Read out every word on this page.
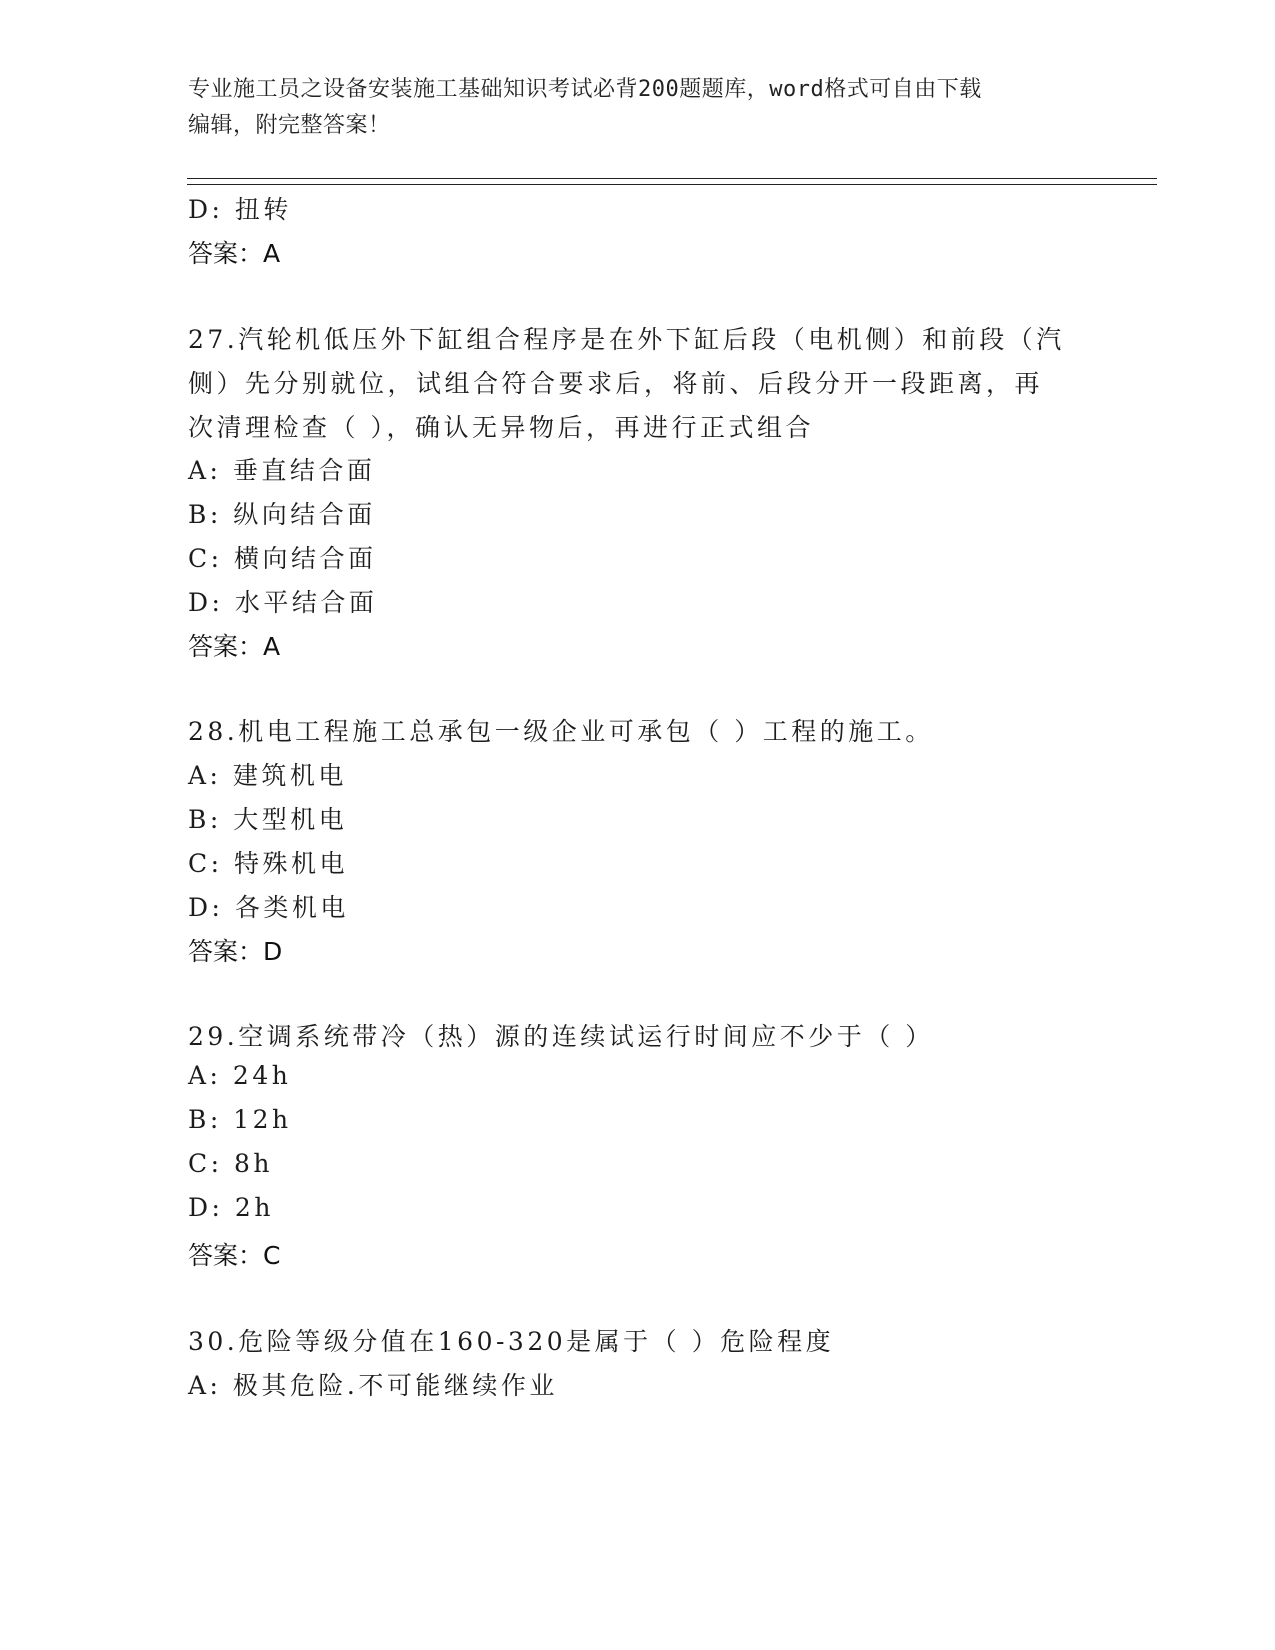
专业施工员之设备安装施工基础知识考试必背200题题库，word格式可自由下载
编辑，附完整答案！
D: 扭转
答案：A
27.汽轮机低压外下缸组合程序是在外下缸后段（电机侧）和前段（汽
侧）先分别就位，试组合符合要求后，将前、后段分开一段距离，再
次清理检查（ ），确认无异物后，再进行正式组合
A: 垂直结合面
B: 纵向结合面
C: 横向结合面
D: 水平结合面
答案：A
28.机电工程施工总承包一级企业可承包（ ）工程的施工。
A: 建筑机电
B: 大型机电
C: 特殊机电
D: 各类机电
答案：D
29.空调系统带冷（热）源的连续试运行时间应不少于（ ）
A: 24h
B: 12h
C: 8h
D: 2h
答案：C
30.危险等级分值在160-320是属于（ ）危险程度
A: 极其危险.不可能继续作业
